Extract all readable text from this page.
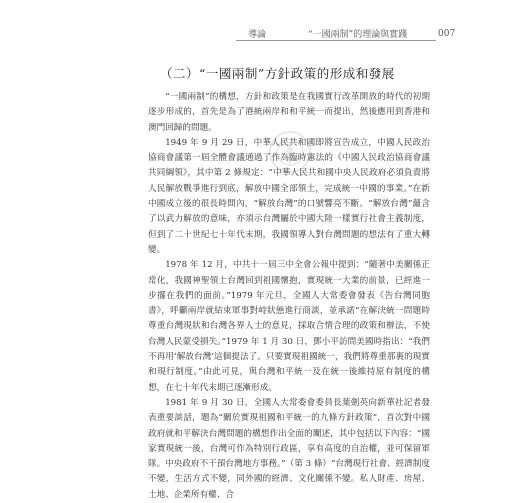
導論	“一國兩制”的理論與實踐	007
（二）“一國兩制”方針政策的形成和發展

“一國兩制”的構想，方針和政策是在我國實行改革開放的時代的初期逐步形成的，首先是為了港統兩岸和和平統一而提出，然後應用到香港和澳門回歸的問題。

1949 年 9 月 29 日，中華人民共和國即將宣告成立，中國人民政治協商會議第一屆全體會議通過了作為臨時憲法的《中國人民政治協商會議共同綱領》，其中第 2 條規定：“中華人民共和國中央人民政府必須負責將人民解放戰爭進行到底，解放中國全部領土，完成統一中國的事業。”在新中國成立後的很長時間內，“解放台灣”的口號響亮不斷。“解放台灣”蘊含了以武力解放的意味，亦須示台灣屬於中國大陸一樣實行社會主義制度，但到了二十世紀七十年代末期，我國領導人對台灣問題的想法有了重大轉變。

1978 年 12 月，中共十一屆三中全會公報中提到：“隨著中美關係正常化，我國神聖領土台灣回到祖國懷抱，實現統一大業的前景，已經進一步擺在我們的面前。”1979 年元旦，全國人大常委會發表《告台灣同胞書》，呼籲兩岸就結束軍事對峙狀態進行商談，並承諾“在解決統一問題時尊重台灣現狀和台灣各界人士的意見，採取合情合理的政策和辦法，不使台灣人民蒙受損失。”1979 年 1 月 30 日，鄧小平訪問美國時指出：“我們不再用‘解放台灣’這個提法了。只要實現祖國統一，我們將尊重那裏的現實和現行制度。”由此可見，與台灣和平統一及在統一後維持原有制度的構想，在七十年代末期已逐漸形成。

1981 年 9 月 30 日，全國人大常委會委員長葉劍英向新華社記者發表重要談話，題為“關於實現祖國和平統一的九條方針政策”，首次對中國政府就和平解決台灣問題的構想作出全面的闡述，其中包括以下內容：“國家實現統一後，台灣可作為特別行政區，享有高度的自治權，並可保留軍隊。中央政府不干預台灣地方事務。”（第 3 條）“台灣現行社會、經濟制度不變，生活方式不變，同外國的經濟、文化關係不變。私人財產、房屋、土地、企業所有權、合
